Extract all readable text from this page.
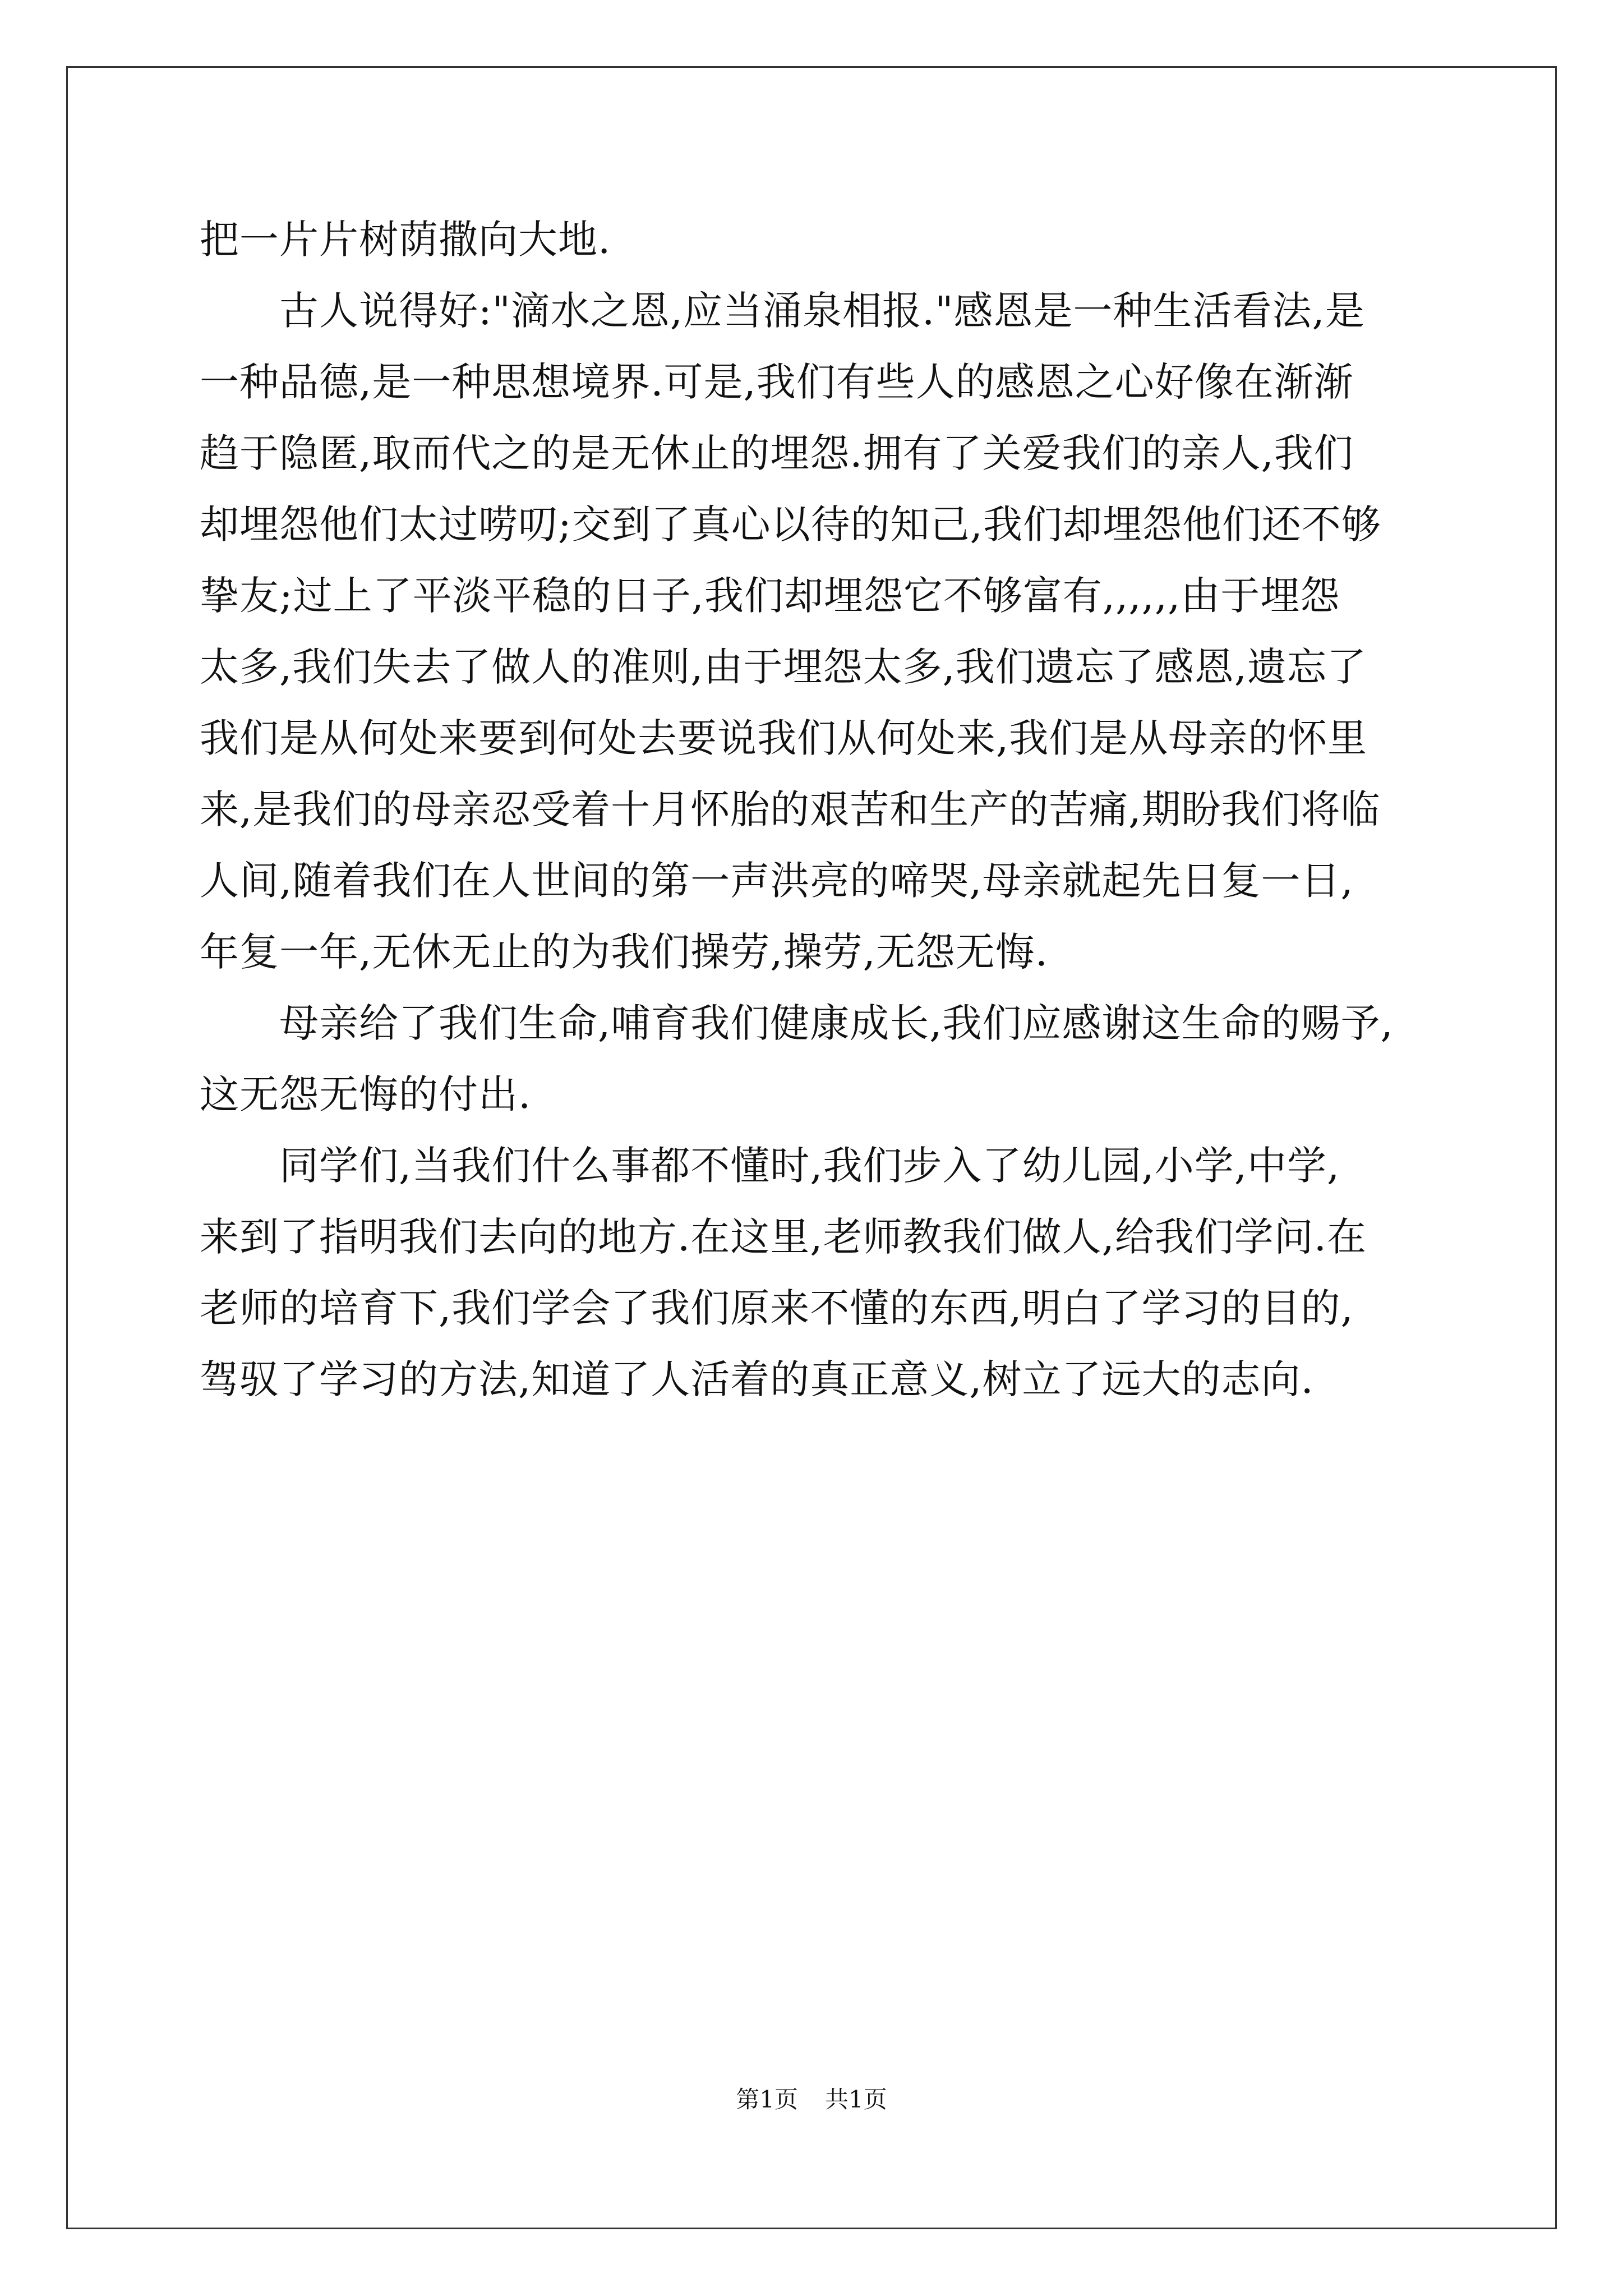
把一片片树荫撒向大地.
古人说得好:"滴水之恩,应当涌泉相报."感恩是一种生活看法,是
一种品德,是一种思想境界.可是,我们有些人的感恩之心好像在渐渐
趋于隐匿,取而代之的是无休止的埋怨.拥有了关爱我们的亲人,我们
却埋怨他们太过唠叨;交到了真心以待的知己,我们却埋怨他们还不够
挚友;过上了平淡平稳的日子,我们却埋怨它不够富有,,,,,,由于埋怨
太多,我们失去了做人的准则,由于埋怨太多,我们遗忘了感恩,遗忘了
我们是从何处来要到何处去要说我们从何处来,我们是从母亲的怀里
来,是我们的母亲忍受着十月怀胎的艰苦和生产的苦痛,期盼我们将临
人间,随着我们在人世间的第一声洪亮的啼哭,母亲就起先日复一日,
年复一年,无休无止的为我们操劳,操劳,无怨无悔.
母亲给了我们生命,哺育我们健康成长,我们应感谢这生命的赐予,
这无怨无悔的付出.
同学们,当我们什么事都不懂时,我们步入了幼儿园,小学,中学,
来到了指明我们去向的地方.在这里,老师教我们做人,给我们学问.在
老师的培育下,我们学会了我们原来不懂的东西,明白了学习的目的,
驾驭了学习的方法,知道了人活着的真正意义,树立了远大的志向.
第1页 共1页
